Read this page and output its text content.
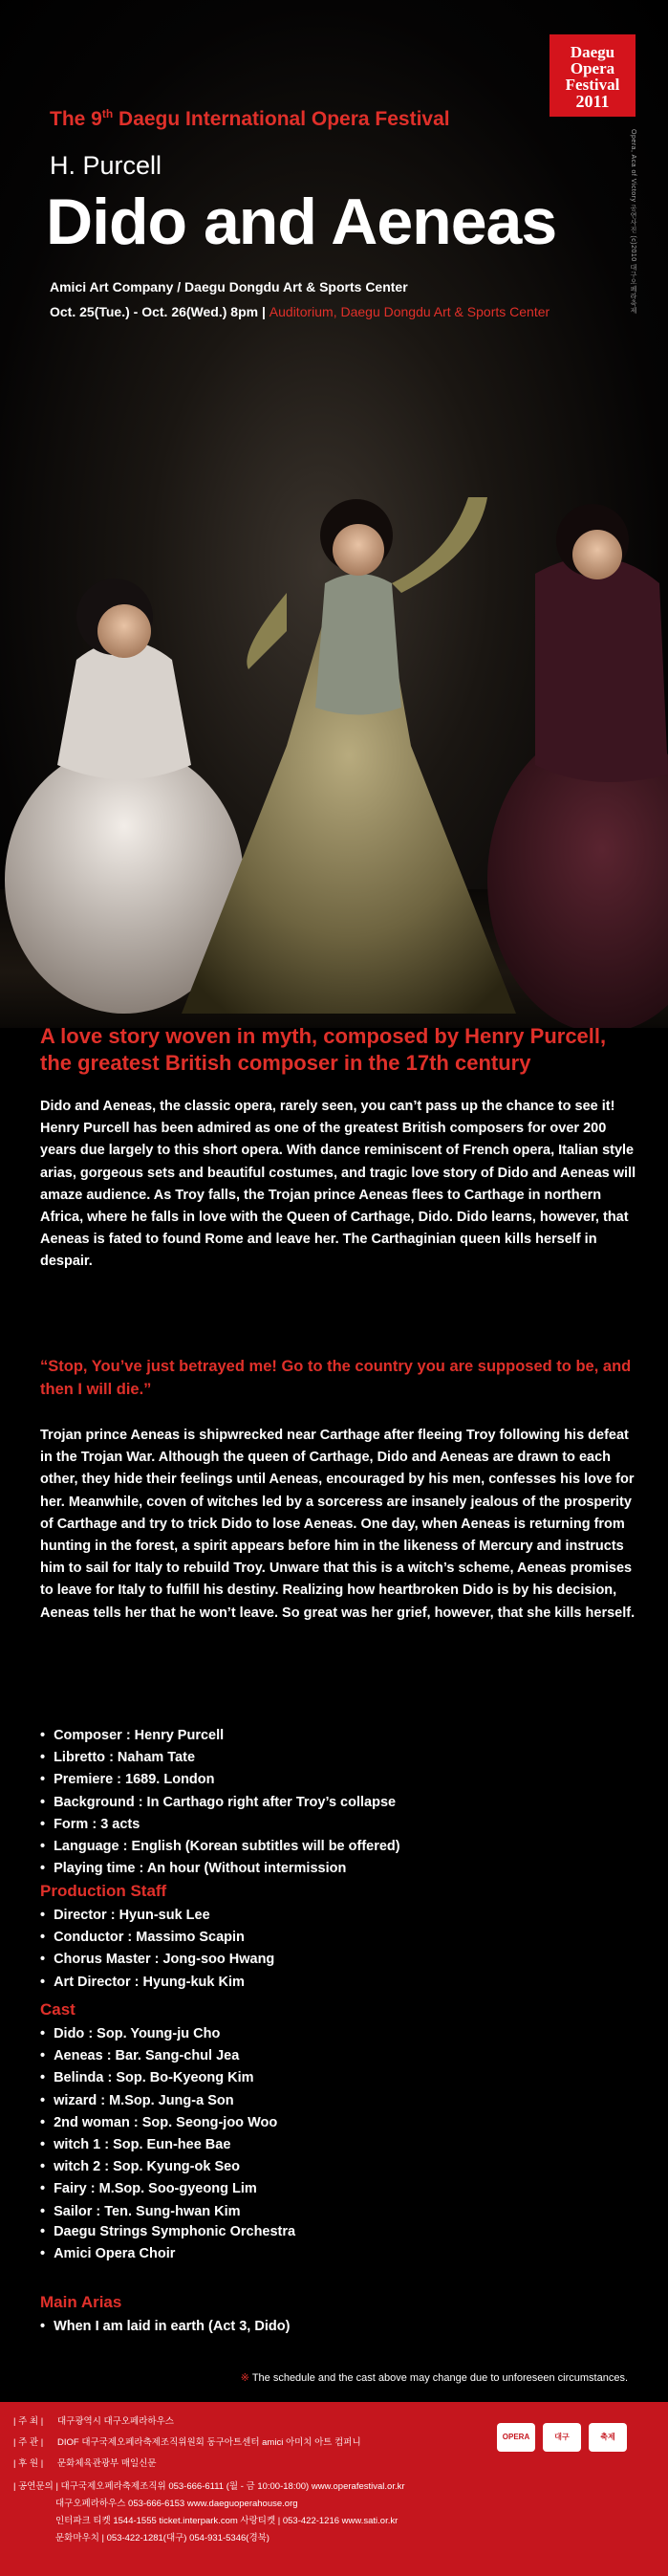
Daegu
Opera
Festival
2011
Opera, Aca of Victory 공연사진 (c)2010 대구오페라축제
The 9th Daegu International Opera Festival
H. Purcell
Dido and Aeneas
Amici Art Company / Daegu Dongdu Art & Sports Center
Oct. 25(Tue.) - Oct. 26(Wed.) 8pm | Auditorium, Daegu Dongdu Art & Sports Center
A love story woven in myth, composed by Henry Purcell, the greatest British composer in the 17th century

Dido and Aeneas, the classic opera, rarely seen, you can’t pass up the chance to see it! Henry Purcell has been admired as one of the greatest British composers for over 200 years due largely to this short opera. With dance reminiscent of French opera, Italian style arias, gorgeous sets and beautiful costumes, and tragic love story of Dido and Aeneas will amaze audience. As Troy falls, the Trojan prince Aeneas flees to Carthage in northern Africa, where he falls in love with the Queen of Carthage, Dido. Dido learns, however, that Aeneas is fated to found Rome and leave her. The Carthaginian queen kills herself in despair.

“Stop, You’ve just betrayed me! Go to the country you are supposed to be, and then I will die.”

Trojan prince Aeneas is shipwrecked near Carthage after fleeing Troy following his defeat in the Trojan War. Although the queen of Carthage, Dido and Aeneas are drawn to each other, they hide their feelings until Aeneas, encouraged by his men, confesses his love for her. Meanwhile, coven of witches led by a sorceress are insanely jealous of the prosperity of Carthage and try to trick Dido to lose Aeneas. One day, when Aeneas is returning from hunting in the forest, a spirit appears before him in the likeness of Mercury and instructs him to sail for Italy to rebuild Troy. Unware that this is a witch’s scheme, Aeneas promises to leave for Italy to fulfill his destiny. Realizing how heartbroken Dido is by his decision, Aeneas tells her that he won’t leave. So great was her grief, however, that she kills herself.

• Composer : Henry Purcell
• Libretto : Naham Tate
• Premiere : 1689. London
• Background : In Carthago right after Troy’s collapse
• Form : 3 acts
• Language : English (Korean subtitles will be offered)
• Playing time : An hour (Without intermission
Production Staff
• Director : Hyun-suk Lee
• Conductor : Massimo Scapin
• Chorus Master : Jong-soo Hwang
• Art Director : Hyung-kuk Kim
Cast
• Dido : Sop. Young-ju Cho
• Aeneas : Bar. Sang-chul Jea
• Belinda : Sop. Bo-Kyeong Kim
• wizard : M.Sop. Jung-a Son
• 2nd woman : Sop. Seong-joo Woo
• witch 1 : Sop. Eun-hee Bae
• witch 2 : Sop. Kyung-ok Seo
• Fairy : M.Sop. Soo-gyeong Lim
• Sailor : Ten. Sung-hwan Kim
• Daegu Strings Symphonic Orchestra
• Amici Opera Choir
Main Arias
• When I am laid in earth (Act 3, Dido)
※ The schedule and the cast above may change due to unforeseen circumstances.
| 주 최 |	대구광역시 대구오페라하우스
| 주 관 |	DIOF 대구국제오페라축제조직위원회 동구아트센터 amici 아미치 아트 컴퍼니
| 후 원 |	문화체육관광부 매일신문
| 공연문의 | 대구국제오페라축제조직위 053-666-6111 (월 - 금 10:00-18:00) www.operafestival.or.kr
대구오페라하우스 053-666-6153 www.daeguoperahouse.org
인터파크 티켓 1544-1555 ticket.interpark.com 사랑티켓 | 053-422-1216 www.sati.or.kr
문화마우치 | 053-422-1281(대구) 054-931-5346(경북)
OPERA	대구	축제
